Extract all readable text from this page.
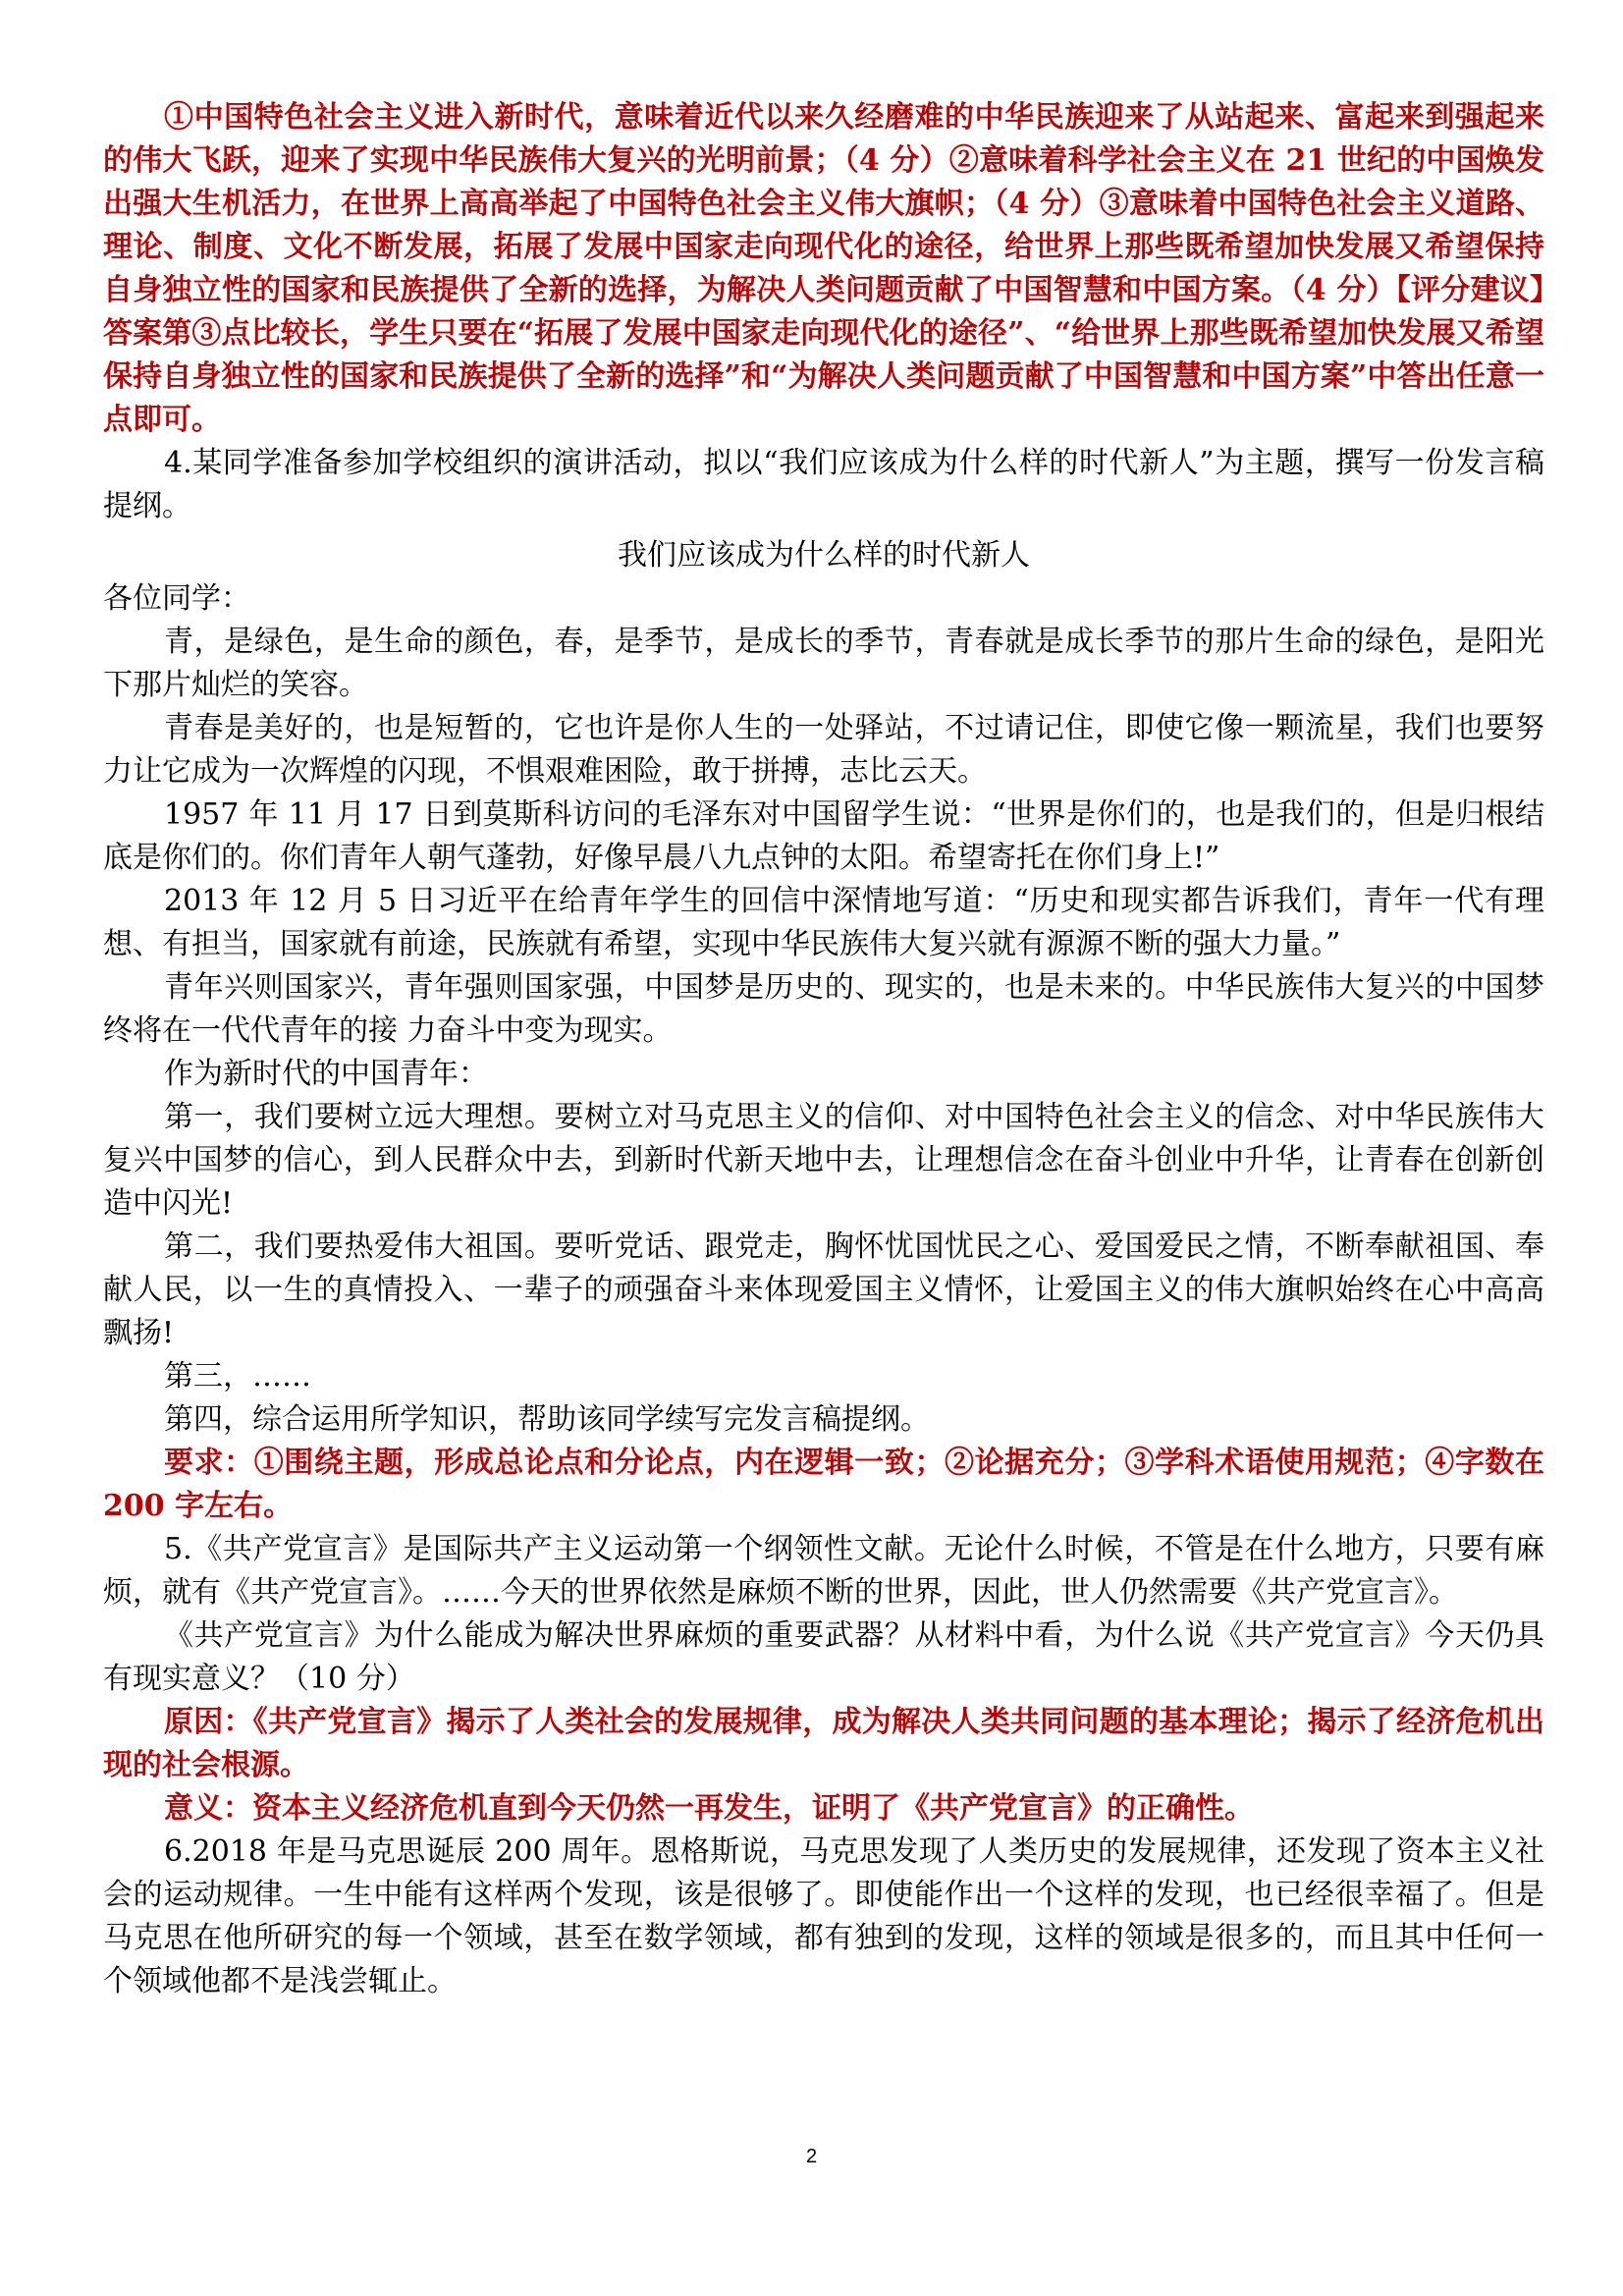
①中国特色社会主义进入新时代，意味着近代以来久经磨难的中华民族迎来了从站起来、富起来到强起来的伟大飞跃，迎来了实现中华民族伟大复兴的光明前景；（4 分）②意味着科学社会主义在 21 世纪的中国焕发出强大生机活力，在世界上高高举起了中国特色社会主义伟大旗帜；（4 分）③意味着中国特色社会主义道路、理论、制度、文化不断发展，拓展了发展中国家走向现代化的途径，给世界上那些既希望加快发展又希望保持自身独立性的国家和民族提供了全新的选择，为解决人类问题贡献了中国智慧和中国方案。（4 分）【评分建议】答案第③点比较长，学生只要在“拓展了发展中国家走向现代化的途径”、“给世界上那些既希望加快发展又希望保持自身独立性的国家和民族提供了全新的选择”和“为解决人类问题贡献了中国智慧和中国方案”中答出任意一点即可。

4.某同学准备参加学校组织的演讲活动，拟以“我们应该成为什么样的时代新人”为主题，撰写一份发言稿提纲。

我们应该成为什么样的时代新人

各位同学：

青，是绿色，是生命的颜色，春，是季节，是成长的季节，青春就是成长季节的那片生命的绿色，是阳光下那片灿烂的笑容。

青春是美好的，也是短暂的，它也许是你人生的一处驿站，不过请记住，即使它像一颗流星，我们也要努力让它成为一次辉煌的闪现，不惧艰难困险，敢于拼搏，志比云天。

1957 年 11 月 17 日到莫斯科访问的毛泽东对中国留学生说：“世界是你们的，也是我们的，但是归根结底是你们的。你们青年人朝气蓬勃，好像早晨八九点钟的太阳。希望寄托在你们身上!”

2013 年 12 月 5 日习近平在给青年学生的回信中深情地写道：“历史和现实都告诉我们，青年一代有理想、有担当，国家就有前途，民族就有希望，实现中华民族伟大复兴就有源源不断的强大力量。”

青年兴则国家兴，青年强则国家强，中国梦是历史的、现实的，也是未来的。中华民族伟大复兴的中国梦终将在一代代青年的接 力奋斗中变为现实。

作为新时代的中国青年：

第一，我们要树立远大理想。要树立对马克思主义的信仰、对中国特色社会主义的信念、对中华民族伟大复兴中国梦的信心，到人民群众中去，到新时代新天地中去，让理想信念在奋斗创业中升华，让青春在创新创造中闪光!

第二，我们要热爱伟大祖国。要听党话、跟党走，胸怀忧国忧民之心、爱国爱民之情，不断奉献祖国、奉献人民，以一生的真情投入、一辈子的顽强奋斗来体现爱国主义情怀，让爱国主义的伟大旗帜始终在心中高高飘扬!

第三，……

第四，综合运用所学知识，帮助该同学续写完发言稿提纲。

要求：①围绕主题，形成总论点和分论点，内在逻辑一致；②论据充分；③学科术语使用规范；④字数在 200 字左右。

5.《共产党宣言》是国际共产主义运动第一个纲领性文献。无论什么时候，不管是在什么地方，只要有麻烦，就有《共产党宣言》。……今天的世界依然是麻烦不断的世界，因此，世人仍然需要《共产党宣言》。

《共产党宣言》为什么能成为解决世界麻烦的重要武器？从材料中看，为什么说《共产党宣言》今天仍具有现实意义？（10 分）

原因：《共产党宣言》揭示了人类社会的发展规律，成为解决人类共同问题的基本理论；揭示了经济危机出现的社会根源。

意义：资本主义经济危机直到今天仍然一再发生，证明了《共产党宣言》的正确性。

6.2018 年是马克思诞辰 200 周年。恩格斯说，马克思发现了人类历史的发展规律，还发现了资本主义社会的运动规律。一生中能有这样两个发现，该是很够了。即使能作出一个这样的发现，也已经很幸福了。但是马克思在他所研究的每一个领域，甚至在数学领域，都有独到的发现，这样的领域是很多的，而且其中任何一个领域他都不是浅尝辄止。

2
